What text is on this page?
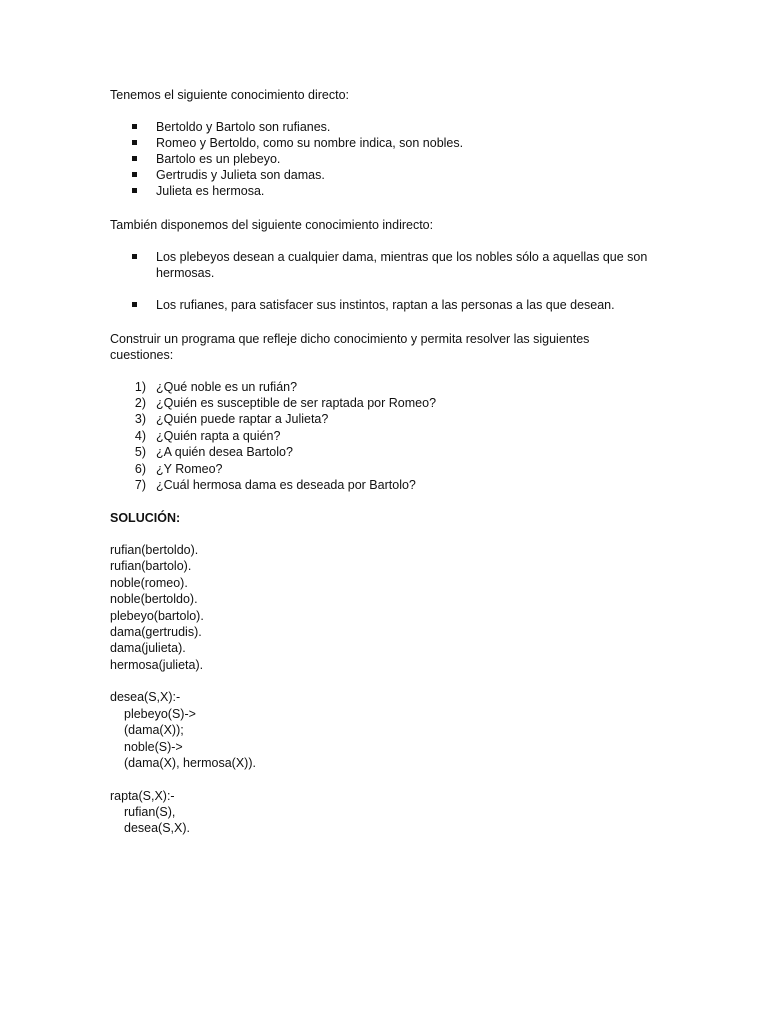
Tenemos el siguiente conocimiento directo:
Bertoldo y Bartolo son rufianes.
Romeo y Bertoldo, como su nombre indica, son nobles.
Bartolo es un plebeyo.
Gertrudis y Julieta son damas.
Julieta es hermosa.
También disponemos del siguiente conocimiento indirecto:
Los plebeyos desean a cualquier dama, mientras que los nobles sólo a aquellas que son hermosas.
Los rufianes, para satisfacer sus instintos, raptan a las personas a las que desean.
Construir un programa que refleje dicho conocimiento y permita resolver las siguientes
cuestiones:
1) ¿Qué noble es un rufián?
2) ¿Quién es susceptible de ser raptada por Romeo?
3) ¿Quién puede raptar a Julieta?
4) ¿Quién rapta a quién?
5) ¿A quién desea Bartolo?
6) ¿Y Romeo?
7) ¿Cuál hermosa dama es deseada por Bartolo?
SOLUCIÓN:
rufian(bertoldo).
rufian(bartolo).
noble(romeo).
noble(bertoldo).
plebeyo(bartolo).
dama(gertrudis).
dama(julieta).
hermosa(julieta).
desea(S,X):-
plebeyo(S)->
(dama(X));
noble(S)->
(dama(X), hermosa(X)).
rapta(S,X):-
rufian(S),
desea(S,X).
